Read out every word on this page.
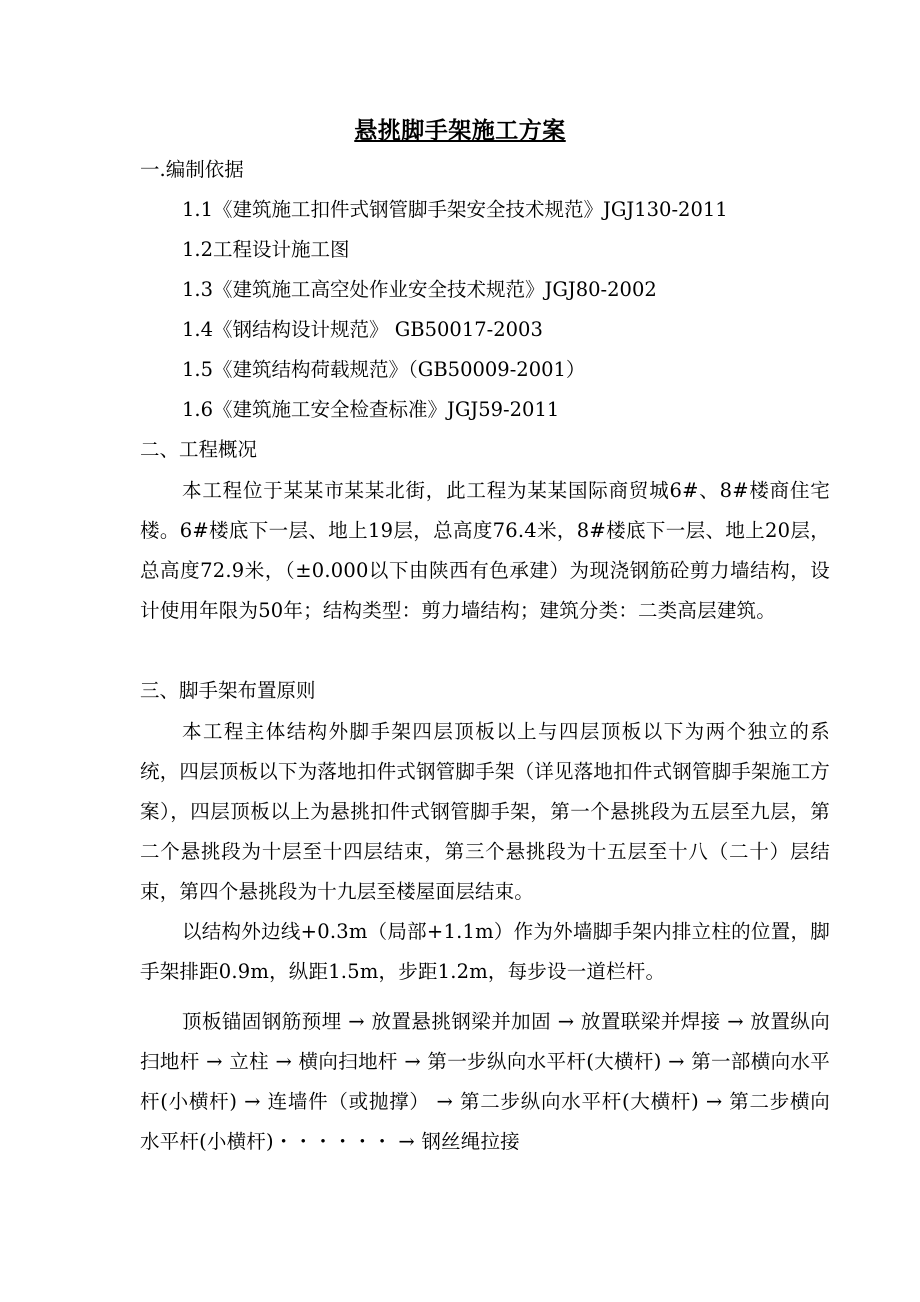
悬挑脚手架施工方案
一.编制依据
1.1《建筑施工扣件式钢管脚手架安全技术规范》JGJ130-2011
1.2工程设计施工图
1.3《建筑施工高空处作业安全技术规范》JGJ80-2002
1.4《钢结构设计规范》 GB50017-2003
1.5《建筑结构荷载规范》（GB50009-2001）
1.6《建筑施工安全检查标准》JGJ59-2011
二、工程概况
本工程位于某某市某某北街，此工程为某某国际商贸城6#、8#楼商住宅楼。6#楼底下一层、地上19层，总高度76.4米，8#楼底下一层、地上20层，总高度72.9米，（±0.000以下由陕西有色承建）为现浇钢筋砼剪力墙结构，设计使用年限为50年；结构类型：剪力墙结构；建筑分类：二类高层建筑。
三、脚手架布置原则
本工程主体结构外脚手架四层顶板以上与四层顶板以下为两个独立的系统，四层顶板以下为落地扣件式钢管脚手架（详见落地扣件式钢管脚手架施工方案），四层顶板以上为悬挑扣件式钢管脚手架，第一个悬挑段为五层至九层，第二个悬挑段为十层至十四层结束，第三个悬挑段为十五层至十八（二十）层结束，第四个悬挑段为十九层至楼屋面层结束。
以结构外边线+0.3m（局部+1.1m）作为外墙脚手架内排立柱的位置，脚手架排距0.9m，纵距1.5m，步距1.2m，每步设一道栏杆。
顶板锚固钢筋预埋 → 放置悬挑钢梁并加固 → 放置联梁并焊接 → 放置纵向扫地杆 → 立柱 → 横向扫地杆 → 第一步纵向水平杆(大横杆) → 第一部横向水平杆(小横杆) → 连墙件（或抛撑） → 第二步纵向水平杆(大横杆) → 第二步横向水平杆(小横杆)・・・・・・ → 钢丝绳拉接
